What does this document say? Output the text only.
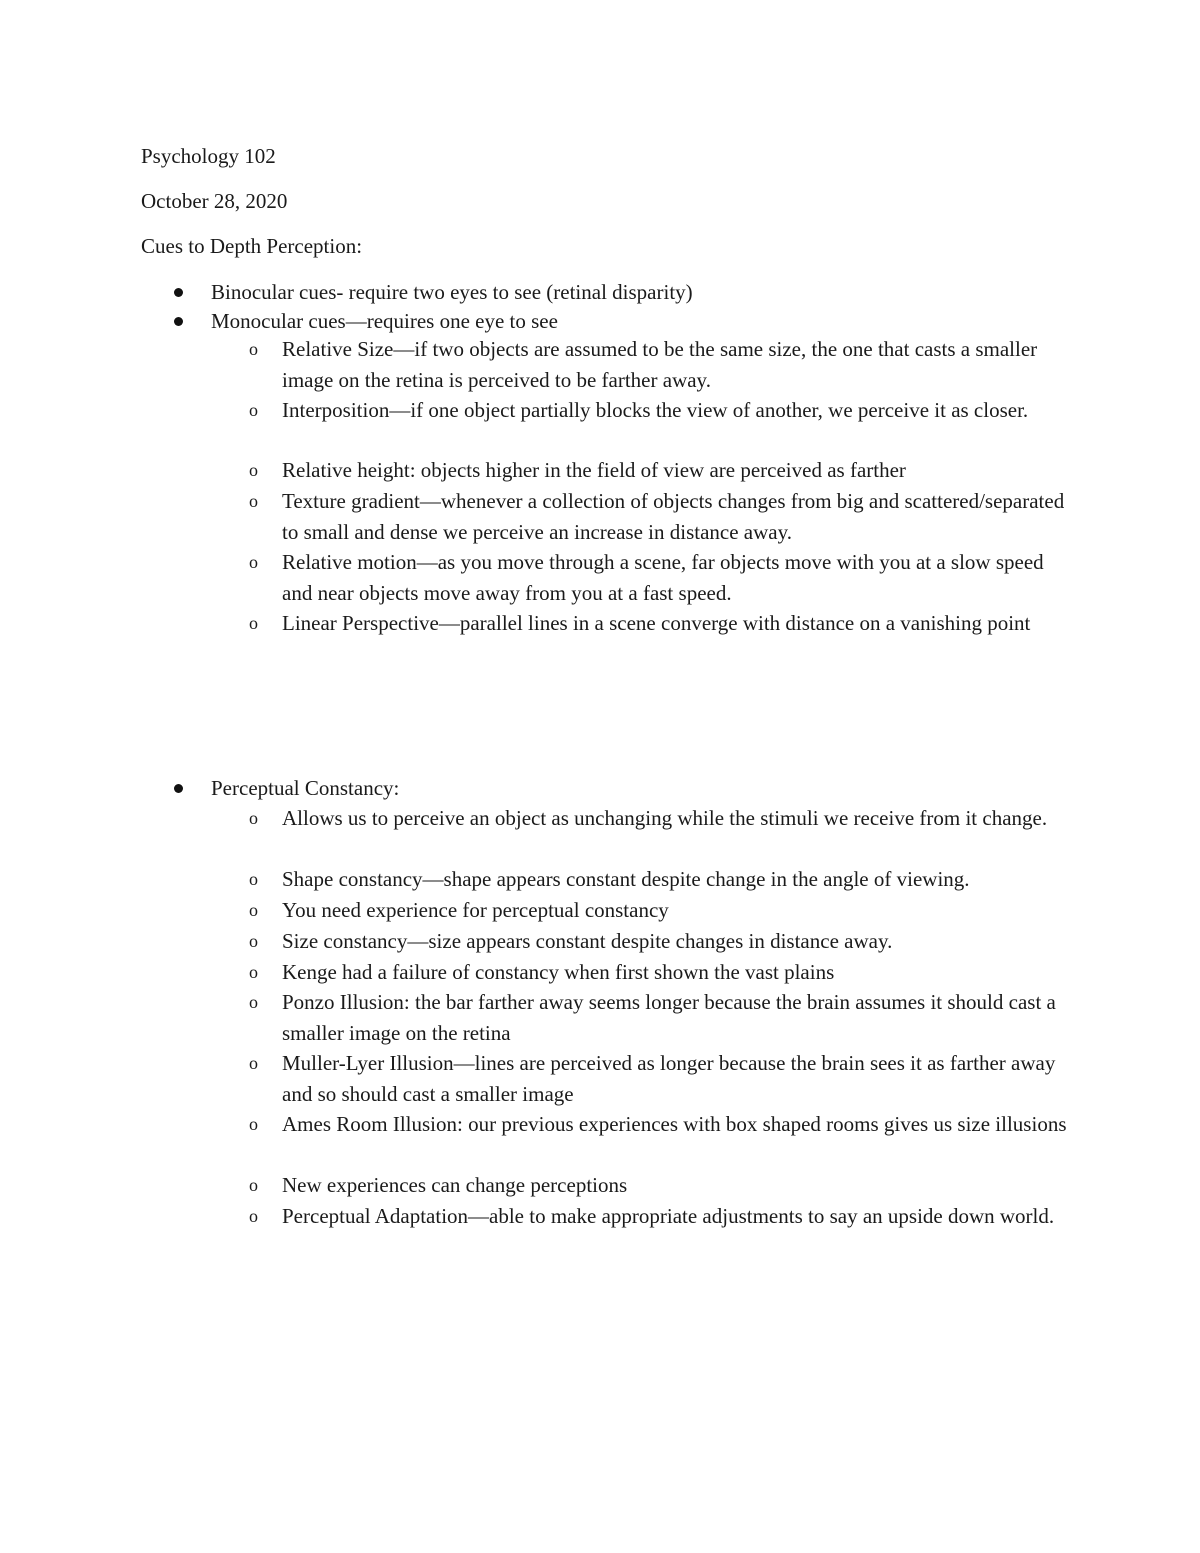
Psychology 102
October 28, 2020
Cues to Depth Perception:
Binocular cues- require two eyes to see (retinal disparity)
Monocular cues—requires one eye to see
o Relative Size—if two objects are assumed to be the same size, the one that casts a smaller image on the retina is perceived to be farther away.
o Interposition—if one object partially blocks the view of another, we perceive it as closer.
o Relative height: objects higher in the field of view are perceived as farther
o Texture gradient—whenever a collection of objects changes from big and scattered/separated to small and dense we perceive an increase in distance away.
o Relative motion—as you move through a scene, far objects move with you at a slow speed and near objects move away from you at a fast speed.
o Linear Perspective—parallel lines in a scene converge with distance on a vanishing point
Perceptual Constancy:
o Allows us to perceive an object as unchanging while the stimuli we receive from it change.
o Shape constancy—shape appears constant despite change in the angle of viewing.
o You need experience for perceptual constancy
o Size constancy—size appears constant despite changes in distance away.
o Kenge had a failure of constancy when first shown the vast plains
o Ponzo Illusion: the bar farther away seems longer because the brain assumes it should cast a smaller image on the retina
o Muller-Lyer Illusion—lines are perceived as longer because the brain sees it as farther away and so should cast a smaller image
o Ames Room Illusion: our previous experiences with box shaped rooms gives us size illusions
o New experiences can change perceptions
o Perceptual Adaptation—able to make appropriate adjustments to say an upside down world.
